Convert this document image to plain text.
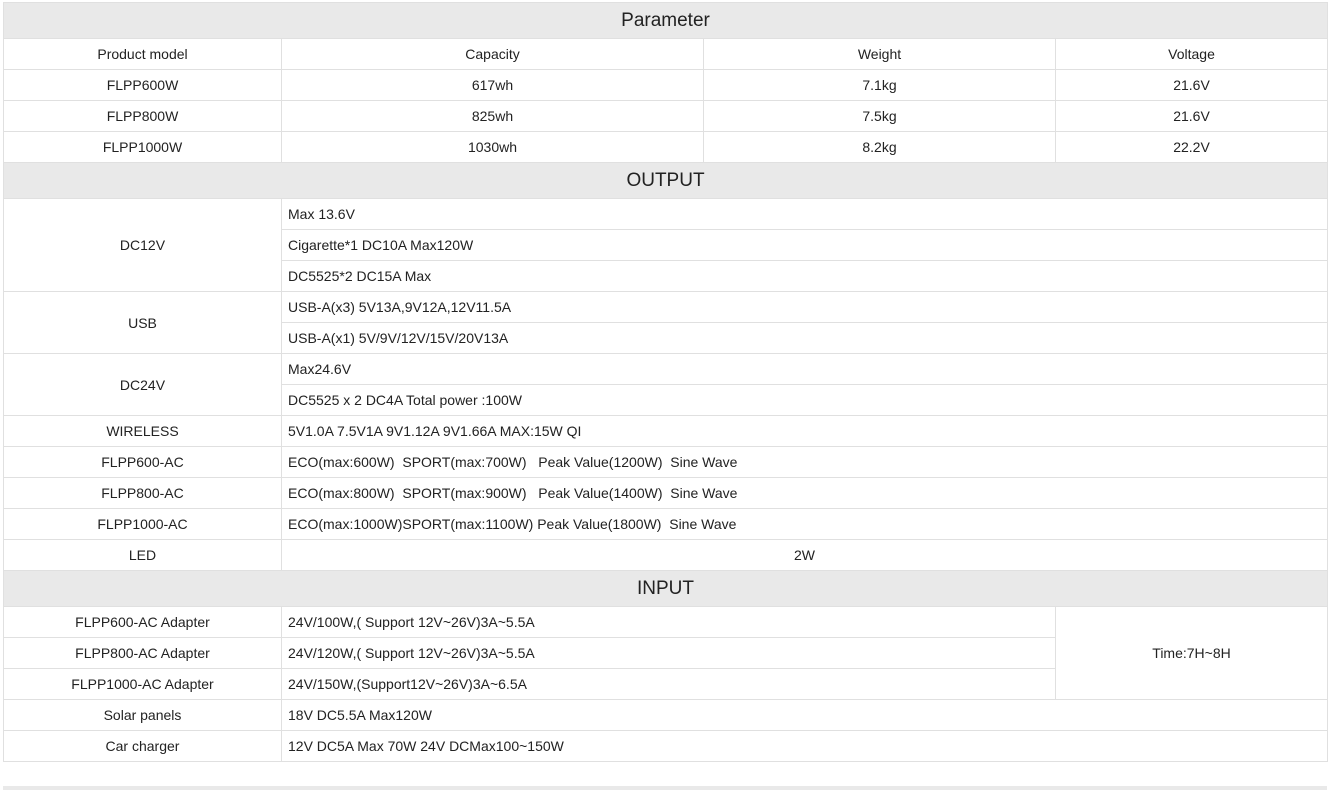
Parameter			
Product model	Capacity	Weight	Voltage
FLPP600W	617wh	7.1kg	21.6V
FLPP800W	825wh	7.5kg	21.6V
FLPP1000W	1030wh	8.2kg	22.2V
OUTPUT			
DC12V	Max 13.6V		
	Cigarette*1 DC10A Max120W		
	DC5525*2 DC15A Max		
USB	USB-A(x3) 5V13A,9V12A,12V11.5A		
	USB-A(x1) 5V/9V/12V/15V/20V13A		
DC24V	Max24.6V		
	DC5525 x 2 DC4A Total power :100W		
WIRELESS	5V1.0A 7.5V1A 9V1.12A 9V1.66A MAX:15W QI		
FLPP600-AC	ECO(max:600W)  SPORT(max:700W)   Peak Value(1200W)  Sine Wave		
FLPP800-AC	ECO(max:800W)  SPORT(max:900W)   Peak Value(1400W)  Sine Wave		
FLPP1000-AC	ECO(max:1000W)SPORT(max:1100W) Peak Value(1800W)  Sine Wave		
LED	2W		
INPUT			
FLPP600-AC Adapter	24V/100W,( Support 12V~26V)3A~5.5A		Time:7H~8H
FLPP800-AC Adapter	24V/120W,( Support 12V~26V)3A~5.5A		
FLPP1000-AC Adapter	24V/150W,(Support12V~26V)3A~6.5A		
Solar panels	18V DC5.5A Max120W		
Car charger	12V DC5A Max 70W 24V DCMax100~150W		
